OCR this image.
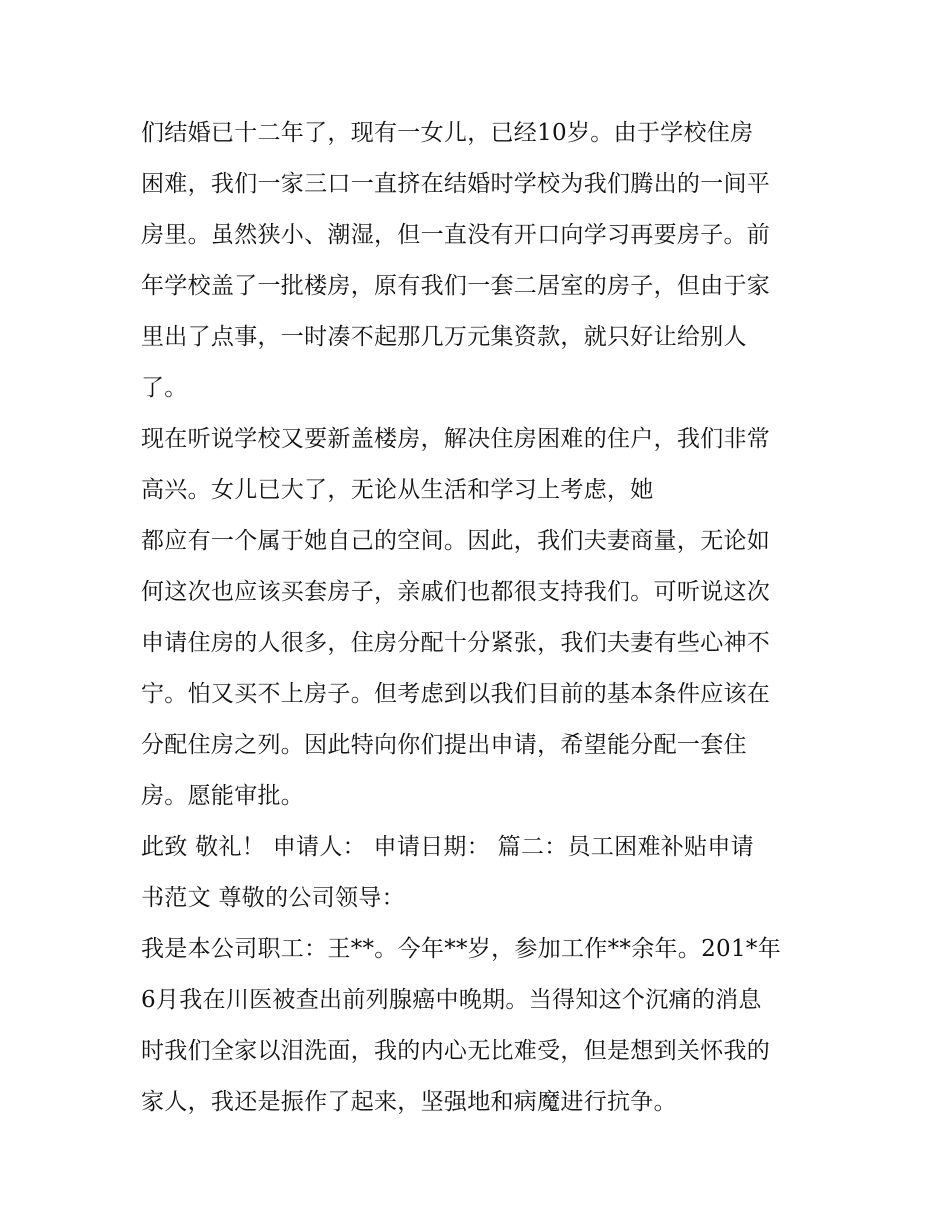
们结婚已十二年了，现有一女儿，已经10岁。由于学校住房
困难，我们一家三口一直挤在结婚时学校为我们腾出的一间平
房里。虽然狭小、潮湿，但一直没有开口向学习再要房子。前
年学校盖了一批楼房，原有我们一套二居室的房子，但由于家
里出了点事，一时凑不起那几万元集资款，就只好让给别人
了。
现在听说学校又要新盖楼房，解决住房困难的住户，我们非常
高兴。女儿已大了，无论从生活和学习上考虑，她
都应有一个属于她自己的空间。因此，我们夫妻商量，无论如
何这次也应该买套房子，亲戚们也都很支持我们。可听说这次
申请住房的人很多，住房分配十分紧张，我们夫妻有些心神不
宁。怕又买不上房子。但考虑到以我们目前的基本条件应该在
分配住房之列。因此特向你们提出申请，希望能分配一套住
房。愿能审批。
此致 敬礼！ 申请人： 申请日期： 篇二：员工困难补贴申请
书范文 尊敬的公司领导：
我是本公司职工：王**。今年**岁，参加工作**余年。201*年
6月我在川医被查出前列腺癌中晚期。当得知这个沉痛的消息
时我们全家以泪洗面，我的内心无比难受，但是想到关怀我的
家人，我还是振作了起来，坚强地和病魔进行抗争。
